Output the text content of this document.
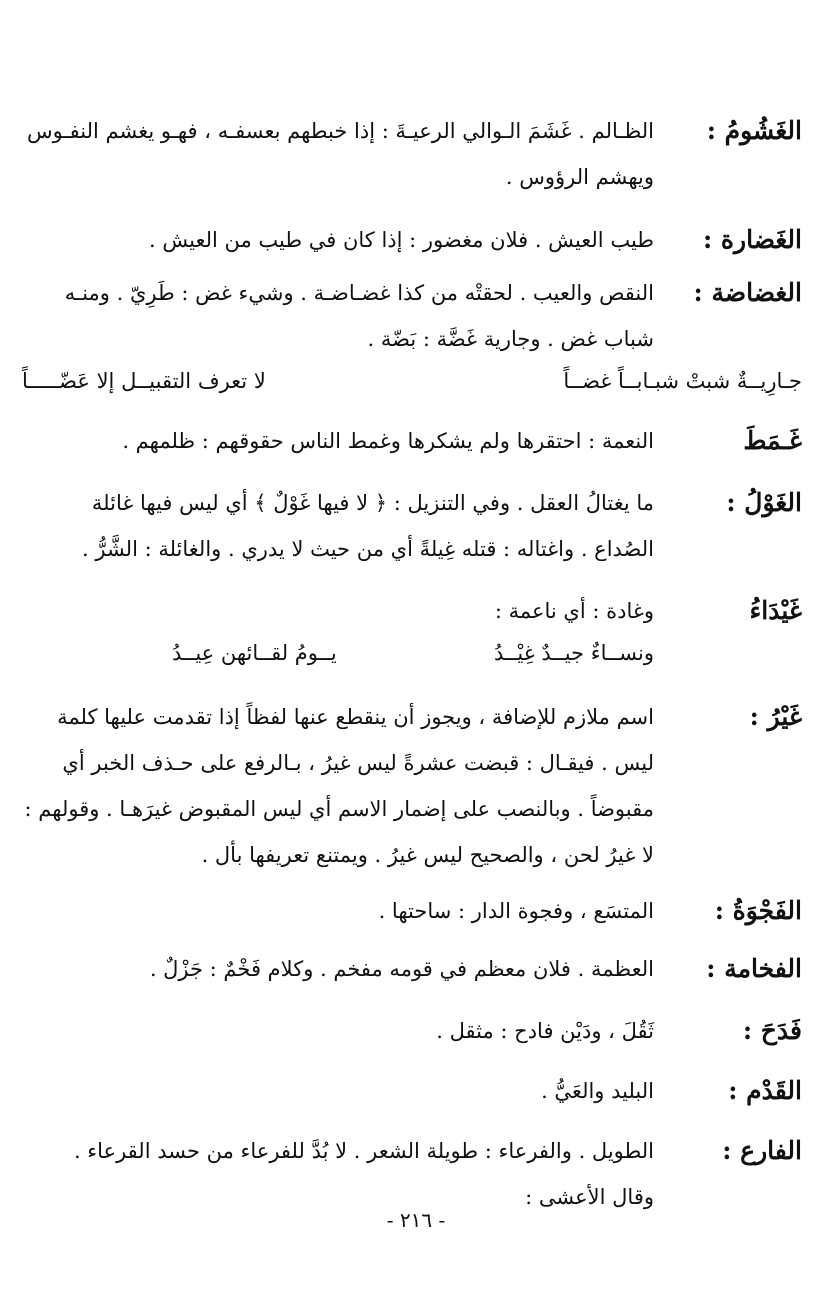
الغَشُومُ :
الظـالم . غَشَمَ الـوالي الرعيـةَ : إذا خبطهم بعسفـه ، فهـو يغشم النفـوس
ويهشم الرؤوس .
الغَضارة :
طيب العيش . فلان مغضور : إذا كان في طيب من العيش .
الغضاضة :
النقص والعيب . لحقتْه من كذا غضـاضـة . وشيء غض : طَرِيّ . ومنـه
شباب غض . وجارية غَضَّة : بَضّة .
جـارِيــةٌ شبتْ شبـابــاً غضــاً
لا تعرف التقبيــل إلا عَضّـــــاً
غَـمَطَ
النعمة : احتقرها ولم يشكرها وغمط الناس حقوقهم : ظلمهم .
الغَوْلُ :
ما يغتالُ العقل . وفي التنزيل : ﴿ لا فيها غَوْلٌ ﴾ أي ليس فيها غائلة
الصُداع . واغتاله : قتله غِيلةً أي من حيث لا يدري . والغائلة : الشَّرُّ .
غَيْدَاءُ
وغادة : أي ناعمة :
ونســاءٌ جيــدٌ غِيْــدُ
يــومُ لقــائهن عِيــدُ
غَيْرُ :
اسم ملازم للإضافة ، ويجوز أن ينقطع عنها لفظاً إذا تقدمت عليها كلمة
ليس . فيقـال : قبضت عشرةً ليس غيرُ ، بـالرفع على حـذف الخبر أي
مقبوضاً . وبالنصب على إضمار الاسم أي ليس المقبوض غيرَهـا . وقولهم :
لا غيرُ لحن ، والصحيح ليس غيرُ . ويمتنع تعريفها بأل .
الفَجْوَةُ :
المتسَع ، وفجوة الدار : ساحتها .
الفخامة :
العظمة . فلان معظم في قومه مفخم . وكلام فَخْمٌ : جَزْلٌ .
فَدَحَ :
ثَقُلَ ، ودَيْن فادح : مثقل .
القَدْم :
البليد والعَيُّ .
الفارع :
الطويل . والفرعاء : طويلة الشعر . لا بُدَّ للفرعاء من حسد القرعاء .
وقال الأعشى :
- ٢١٦ -
